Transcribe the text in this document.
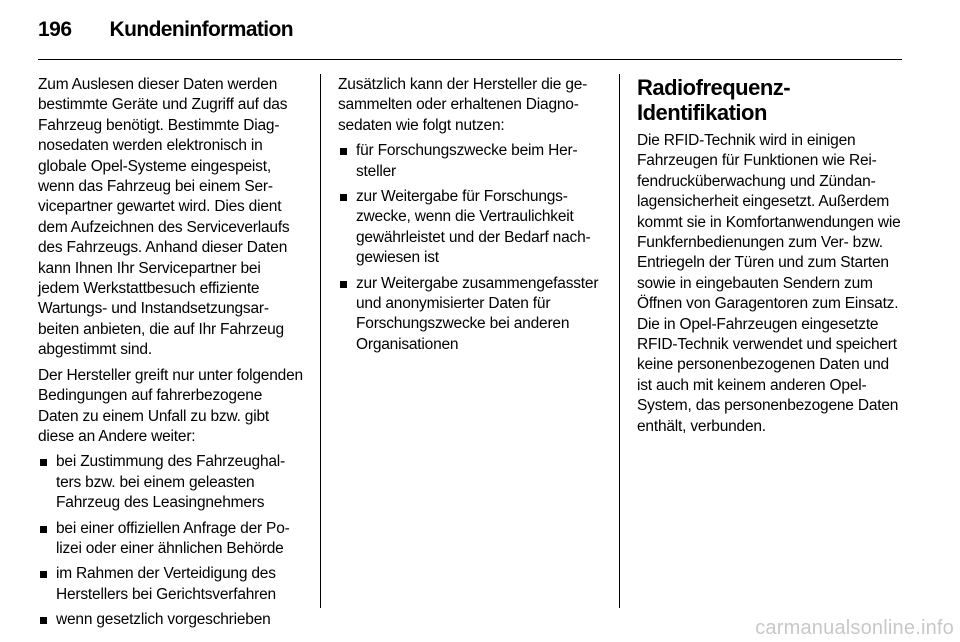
196 Kundeninformation

Zum Auslesen dieser Daten werden bestimmte Geräte und Zugriff auf das Fahrzeug benötigt. Bestimmte Diagnosedaten werden elektronisch in globale Opel-Systeme eingespeist, wenn das Fahrzeug bei einem Servicepartner gewartet wird. Dies dient dem Aufzeichnen des Serviceverlaufs des Fahrzeugs. Anhand dieser Daten kann Ihnen Ihr Servicepartner bei jedem Werkstattbesuch effiziente Wartungs- und Instandsetzungsarbeiten anbieten, die auf Ihr Fahrzeug abgestimmt sind.

Der Hersteller greift nur unter folgenden Bedingungen auf fahrerbezogene Daten zu einem Unfall zu bzw. gibt diese an Andere weiter:

bei Zustimmung des Fahrzeughalters bzw. bei einem geleasten Fahrzeug des Leasingnehmers
bei einer offiziellen Anfrage der Polizei oder einer ähnlichen Behörde
im Rahmen der Verteidigung des Herstellers bei Gerichtsverfahren
wenn gesetzlich vorgeschrieben

Zusätzlich kann der Hersteller die gesammelten oder erhaltenen Diagnosedaten wie folgt nutzen:

für Forschungszwecke beim Hersteller
zur Weitergabe für Forschungszwecke, wenn die Vertraulichkeit gewährleistet und der Bedarf nachgewiesen ist
zur Weitergabe zusammengefasster und anonymisierter Daten für Forschungszwecke bei anderen Organisationen
Radiofrequenz-Identifikation

Die RFID-Technik wird in einigen Fahrzeugen für Funktionen wie Reifendrucküberwachung und Zündanlagensicherheit eingesetzt. Außerdem kommt sie in Komfortanwendungen wie Funkfernbedienungen zum Ver- bzw. Entriegeln der Türen und zum Starten sowie in eingebauten Sendern zum Öffnen von Garagentoren zum Einsatz. Die in Opel-Fahrzeugen eingesetzte RFID-Technik verwendet und speichert keine personenbezogenen Daten und ist auch mit keinem anderen Opel-System, das personenbezogene Daten enthält, verbunden.

carmanualsonline.info
